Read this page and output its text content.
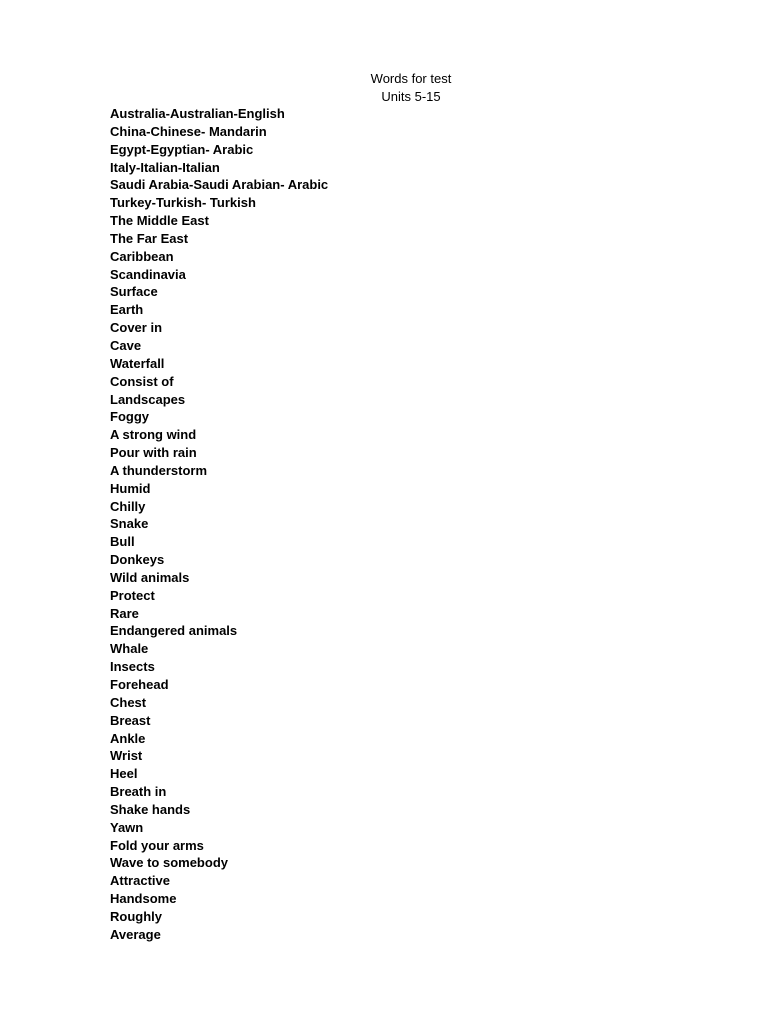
Words for test
Units 5-15
Australia-Australian-English
China-Chinese- Mandarin
Egypt-Egyptian- Arabic
Italy-Italian-Italian
Saudi Arabia-Saudi Arabian- Arabic
Turkey-Turkish- Turkish
The Middle East
The Far East
Caribbean
Scandinavia
Surface
Earth
Cover in
Cave
Waterfall
Consist of
Landscapes
Foggy
A strong wind
Pour with rain
A thunderstorm
Humid
Chilly
Snake
Bull
Donkeys
Wild animals
Protect
Rare
Endangered animals
Whale
Insects
Forehead
Chest
Breast
Ankle
Wrist
Heel
Breath in
Shake hands
Yawn
Fold your arms
Wave to somebody
Attractive
Handsome
Roughly
Average
